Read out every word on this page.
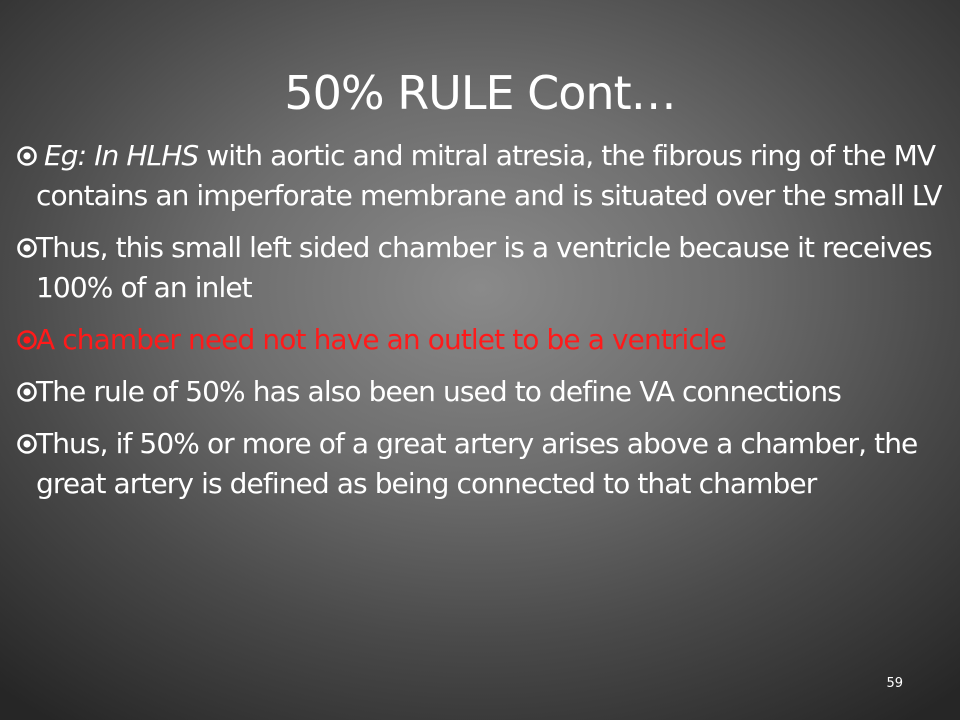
50% RULE Cont…
Eg: In HLHS with aortic and mitral atresia, the fibrous ring of the MV contains an imperforate membrane and is situated over the small LV
Thus, this small left sided chamber is a ventricle because it receives 100% of an inlet
A chamber need not have an outlet to be a ventricle
The rule of 50% has also been used to define VA connections
Thus, if 50% or more of a great artery arises above a chamber, the great artery is defined as being connected to that chamber
59
